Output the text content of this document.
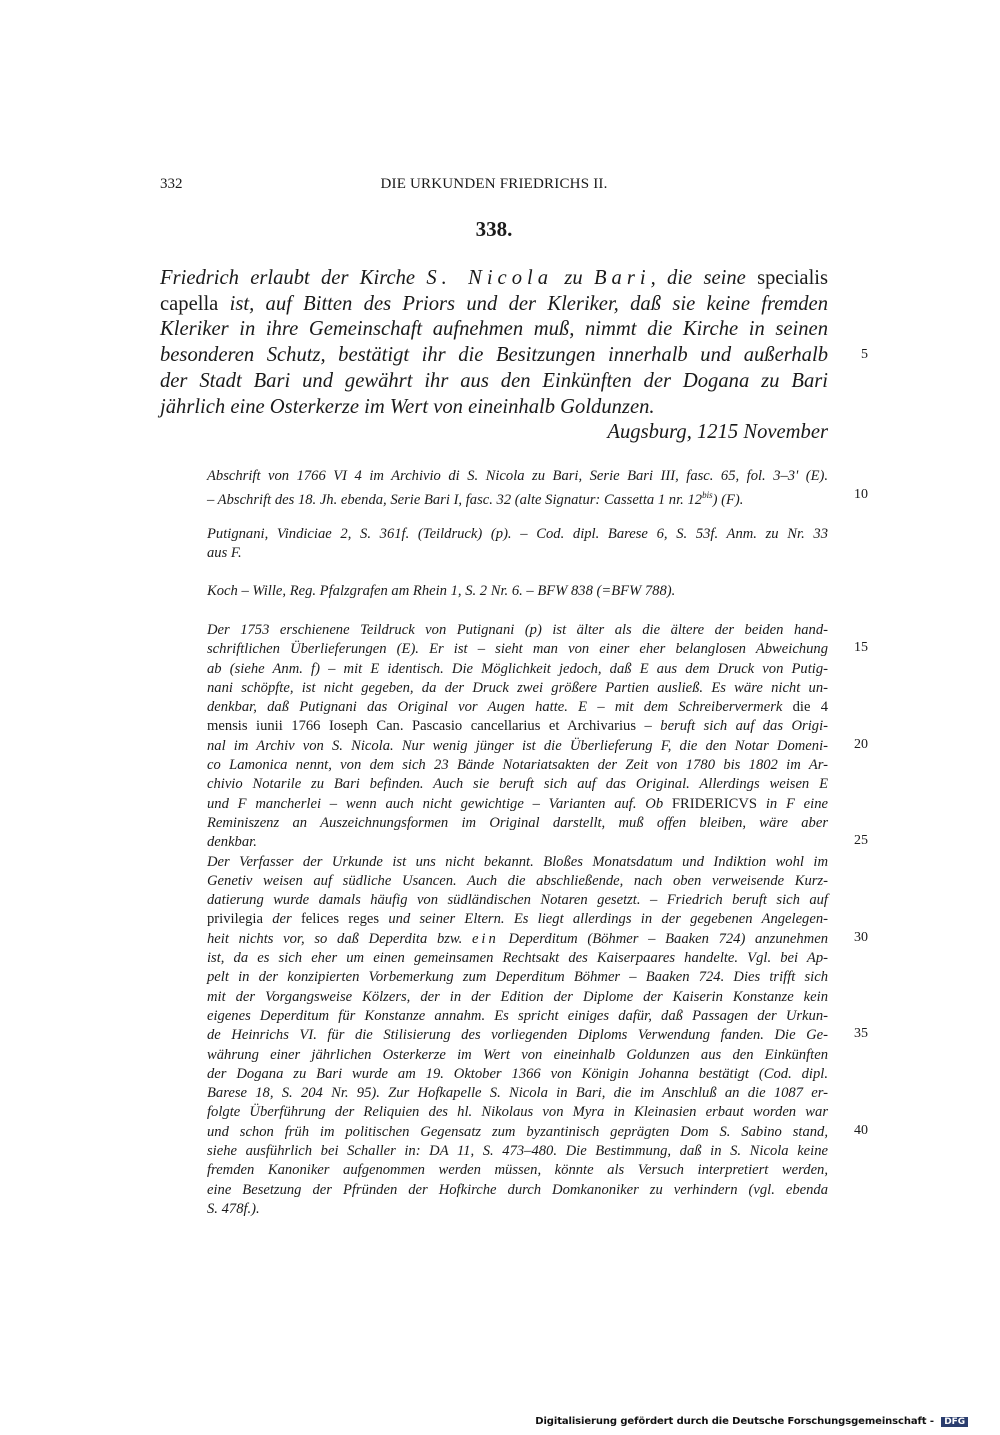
332	DIE URKUNDEN FRIEDRICHS II.
338.
Friedrich erlaubt der Kirche S. Nicola zu Bari, die seine specialis
capella ist, auf Bitten des Priors und der Kleriker, daß sie keine fremden
Kleriker in ihre Gemeinschaft aufnehmen muß, nimmt die Kirche in seinen
besonderen Schutz, bestätigt ihr die Besitzungen innerhalb und außerhalb
der Stadt Bari und gewährt ihr aus den Einkünften der Dogana zu Bari
jährlich eine Osterkerze im Wert von eineinhalb Goldunzen.
Augsburg, 1215 November
Abschrift von 1766 VI 4 im Archivio di S. Nicola zu Bari, Serie Bari III, fasc. 65, fol. 3–3' (E).
– Abschrift des 18. Jh. ebenda, Serie Bari I, fasc. 32 (alte Signatur: Cassetta 1 nr. $12^{bis}$) (F).
Putignani, Vindiciae 2, S. 361f. (Teildruck) (p). – Cod. dipl. Barese 6, S. 53f. Anm. zu Nr. 33
aus F.
Koch – Wille, Reg. Pfalzgrafen am Rhein 1, S. 2 Nr. 6. – BFW 838 (=BFW 788).
Der 1753 erschienene Teildruck von Putignani (p) ist älter als die ältere der beiden hand-
schriftlichen Überlieferungen (E). Er ist – sieht man von einer eher belanglosen Abweichung
ab (siehe Anm. f) – mit E identisch. Die Möglichkeit jedoch, daß E aus dem Druck von Putig-
nani schöpfte, ist nicht gegeben, da der Druck zwei größere Partien ausließ. Es wäre nicht un-
denkbar, daß Putignani das Original vor Augen hatte. E – mit dem Schreibervermerk die 4
mensis iunii 1766 Ioseph Can. Pascasio cancellarius et Archivarius – beruft sich auf das Origi-
nal im Archiv von S. Nicola. Nur wenig jünger ist die Überlieferung F, die den Notar Domeni-
co Lamonica nennt, von dem sich 23 Bände Notariatsakten der Zeit von 1780 bis 1802 im Ar-
chivio Notarile zu Bari befinden. Auch sie beruft sich auf das Original. Allerdings weisen E
und F mancherlei – wenn auch nicht gewichtige – Varianten auf. Ob FRIDERICVS in F eine
Reminiszenz an Auszeichnungsformen im Original darstellt, muß offen bleiben, wäre aber
denkbar.
Der Verfasser der Urkunde ist uns nicht bekannt. Bloßes Monatsdatum und Indiktion wohl im
Genetiv weisen auf südliche Usancen. Auch die abschließende, nach oben verweisende Kurz-
datierung wurde damals häufig von südländischen Notaren gesetzt. – Friedrich beruft sich auf
privilegia der felices reges und seiner Eltern. Es liegt allerdings in der gegebenen Angelegen-
heit nichts vor, so daß Deperdita bzw. ein Deperditum (Böhmer – Baaken 724) anzunehmen
ist, da es sich eher um einen gemeinsamen Rechtsakt des Kaiserpaares handelte. Vgl. bei Ap-
pelt in der konzipierten Vorbemerkung zum Deperditum Böhmer – Baaken 724. Dies trifft sich
mit der Vorgangsweise Kölzers, der in der Edition der Diplome der Kaiserin Konstanze kein
eigenes Deperditum für Konstanze annahm. Es spricht einiges dafür, daß Passagen der Urkun-
de Heinrichs VI. für die Stilisierung des vorliegenden Diploms Verwendung fanden. Die Ge-
währung einer jährlichen Osterkerze im Wert von eineinhalb Goldunzen aus den Einkünften
der Dogana zu Bari wurde am 19. Oktober 1366 von Königin Johanna bestätigt (Cod. dipl.
Barese 18, S. 204 Nr. 95). Zur Hofkapelle S. Nicola in Bari, die im Anschluß an die 1087 er-
folgte Überführung der Reliquien des hl. Nikolaus von Myra in Kleinasien erbaut worden war
und schon früh im politischen Gegensatz zum byzantinisch geprägten Dom S. Sabino stand,
siehe ausführlich bei Schaller in: DA 11, S. 473–480. Die Bestimmung, daß in S. Nicola keine
fremden Kanoniker aufgenommen werden müssen, könnte als Versuch interpretiert werden,
eine Besetzung der Pfründen der Hofkirche durch Domkanoniker zu verhindern (vgl. ebenda
S. 478f.).
5
10
15
20
25
30
35
40
Digitalisierung gefördert durch die Deutsche Forschungsgemeinschaft - DFG
